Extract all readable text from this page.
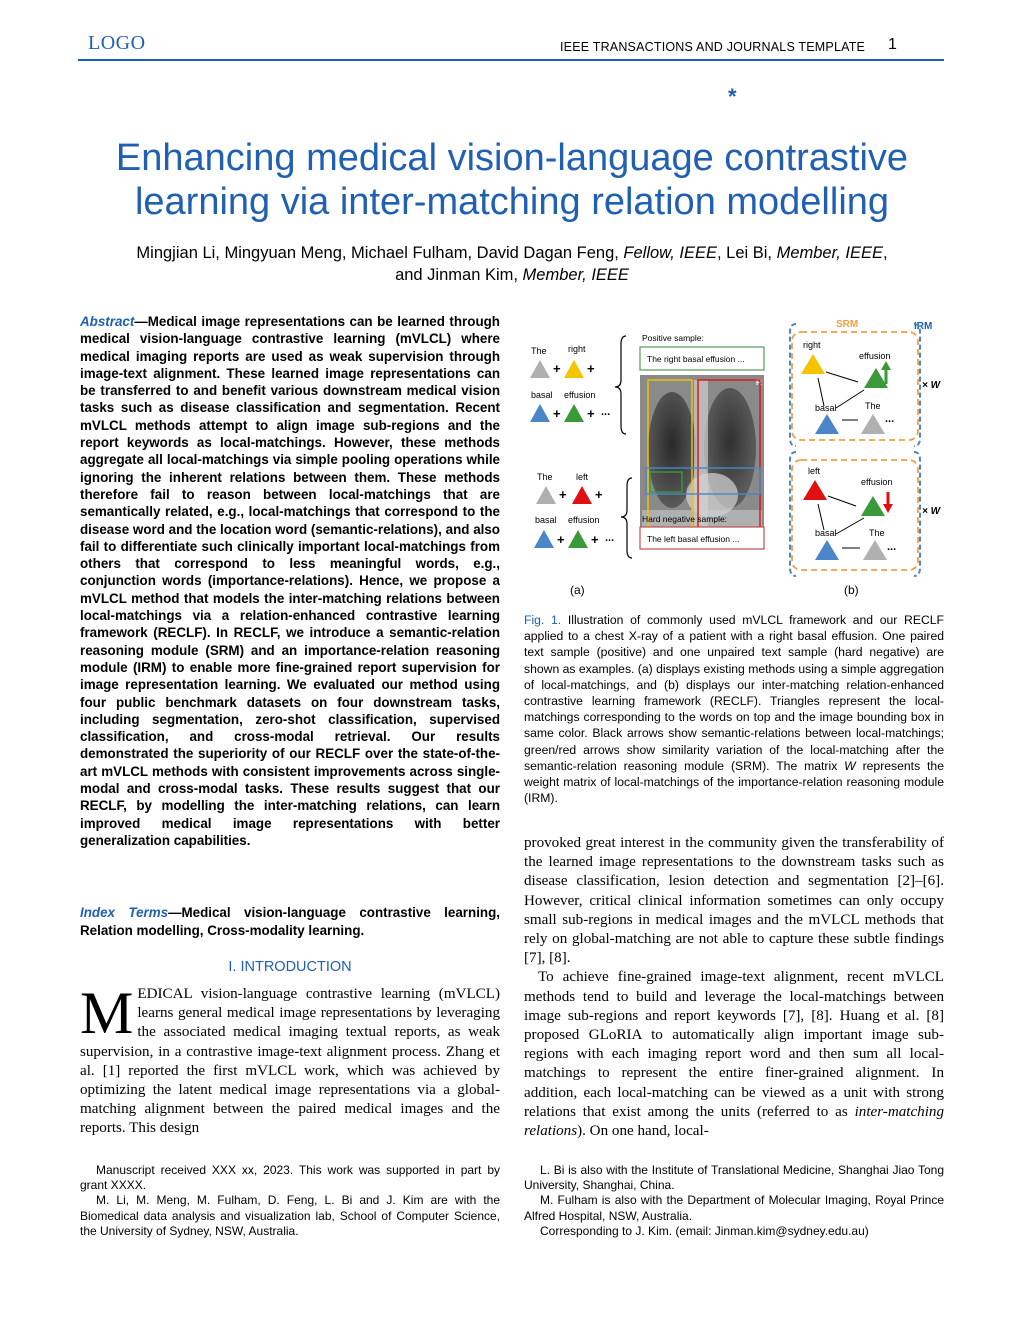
LOGO	IEEE TRANSACTIONS AND JOURNALS TEMPLATE 1
*
Enhancing medical vision-language contrastive
learning via inter-matching relation modelling
Mingjian Li, Mingyuan Meng, Michael Fulham, David Dagan Feng, Fellow, IEEE, Lei Bi, Member, IEEE,
and Jinman Kim, Member, IEEE
Abstract—Medical image representations can be learned through medical vision-language contrastive learning (mVLCL) where medical imaging reports are used as weak supervision through image-text alignment. These learned image representations can be transferred to and benefit various downstream medical vision tasks such as disease classification and segmentation. Recent mVLCL methods attempt to align image sub-regions and the report keywords as local-matchings. However, these methods aggregate all local-matchings via simple pooling operations while ignoring the inherent relations between them. These methods therefore fail to reason between local-matchings that are semantically related, e.g., local-matchings that correspond to the disease word and the location word (semantic-relations), and also fail to differentiate such clinically important local-matchings from others that correspond to less meaningful words, e.g., conjunction words (importance-relations). Hence, we propose a mVLCL method that models the inter-matching relations between local-matchings via a relation-enhanced contrastive learning framework (RECLF). In RECLF, we introduce a semantic-relation reasoning module (SRM) and an importance-relation reasoning module (IRM) to enable more fine-grained report supervision for image representation learning. We evaluated our method using four public benchmark datasets on four downstream tasks, including segmentation, zero-shot classification, supervised classification, and cross-modal retrieval. Our results demonstrated the superiority of our RECLF over the state-of-the-art mVLCL methods with consistent improvements across single-modal and cross-modal tasks. These results suggest that our RECLF, by modelling the inter-matching relations, can learn improved medical image representations with better generalization capabilities.
Index Terms—Medical vision-language contrastive learning, Relation modelling, Cross-modality learning.
I. INTRODUCTION
MEDICAL vision-language contrastive learning (mVLCL) learns general medical image representations by leveraging the associated medical imaging textual reports, as weak supervision, in a contrastive image-text alignment process. Zhang et al. [1] reported the first mVLCL work, which was achieved by optimizing the latent medical image representations via a global-matching alignment between the paired medical images and the reports. This design
The right
+ +
basal effusion
+ + ...
The	left
+ +
basal effusion
+ + ...
Positive sample:
The right basal effusion ...
R
Hard negative sample:
The left basal effusion ...
SRM	IRM
right
effusion
basal	The
...
× W
left
effusion
basal	The
...
× W
(a)	(b)
Fig. 1. Illustration of commonly used mVLCL framework and our RECLF applied to a chest X-ray of a patient with a right basal effusion. One paired text sample (positive) and one unpaired text sample (hard negative) are shown as examples. (a) displays existing methods using a simple aggregation of local-matchings, and (b) displays our inter-matching relation-enhanced contrastive learning framework (RECLF). Triangles represent the local-matchings corresponding to the words on top and the image bounding box in same color. Black arrows show semantic-relations between local-matchings; green/red arrows show similarity variation of the local-matching after the semantic-relation reasoning module (SRM). The matrix W represents the weight matrix of local-matchings of the importance-relation reasoning module (IRM).

provoked great interest in the community given the transferability of the learned image representations to the downstream tasks such as disease classification, lesion detection and segmentation [2]–[6]. However, critical clinical information sometimes can only occupy small sub-regions in medical images and the mVLCL methods that rely on global-matching are not able to capture these subtle findings [7], [8].

To achieve fine-grained image-text alignment, recent mVLCL methods tend to build and leverage the local-matchings between image sub-regions and report keywords [7], [8]. Huang et al. [8] proposed GLoRIA to automatically align important image sub-regions with each imaging report word and then sum all local-matchings to represent the entire finer-grained alignment. In addition, each local-matching can be viewed as a unit with strong relations that exist among the units (referred to as inter-matching relations). On one hand, local-

Manuscript received XXX xx, 2023. This work was supported in part by grant XXXX.

M. Li, M. Meng, M. Fulham, D. Feng, L. Bi and J. Kim are with the Biomedical data analysis and visualization lab, School of Computer Science, the University of Sydney, NSW, Australia.

L. Bi is also with the Institute of Translational Medicine, Shanghai Jiao Tong University, Shanghai, China.

M. Fulham is also with the Department of Molecular Imaging, Royal Prince Alfred Hospital, NSW, Australia.

Corresponding to J. Kim. (email: Jinman.kim@sydney.edu.au)
